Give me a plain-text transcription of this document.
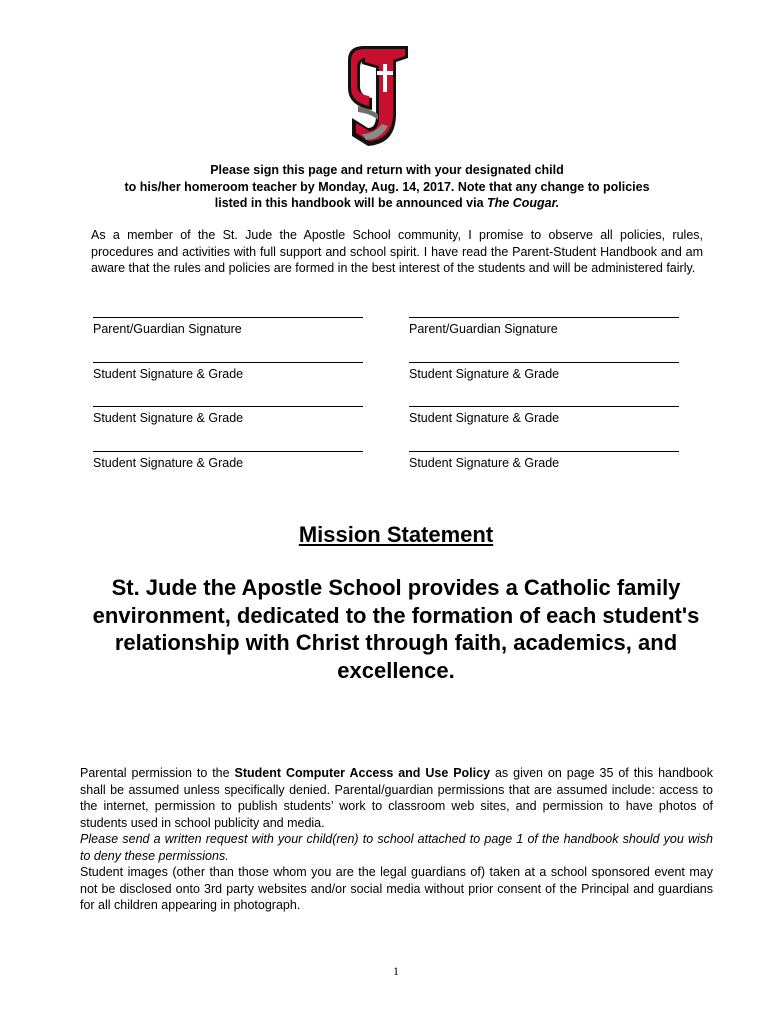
Please sign this page and return with your designated child
to his/her homeroom teacher by Monday, Aug. 14, 2017. Note that any change to policies
listed in this handbook will be announced via The Cougar.
As a member of the St. Jude the Apostle School community, I promise to observe all policies, rules, procedures and activities with full support and school spirit. I have read the Parent-Student Handbook and am aware that the rules and policies are formed in the best interest of the students and will be administered fairly.
Parent/Guardian Signature	Parent/Guardian Signature
Student Signature & Grade	Student Signature & Grade
Student Signature & Grade	Student Signature & Grade
Student Signature & Grade	Student Signature & Grade
Mission Statement
St. Jude the Apostle School provides a Catholic family environment, dedicated to the formation of each student's relationship with Christ through faith, academics, and excellence.

Parental permission to the Student Computer Access and Use Policy as given on page 35 of this handbook shall be assumed unless specifically denied. Parental/guardian permissions that are assumed include: access to the internet, permission to publish students’ work to classroom web sites, and permission to have photos of students used in school publicity and media.

Please send a written request with your child(ren) to school attached to page 1 of the handbook should you wish to deny these permissions.

Student images (other than those whom you are the legal guardians of) taken at a school sponsored event may not be disclosed onto 3rd party websites and/or social media without prior consent of the Principal and guardians for all children appearing in photograph.

1
